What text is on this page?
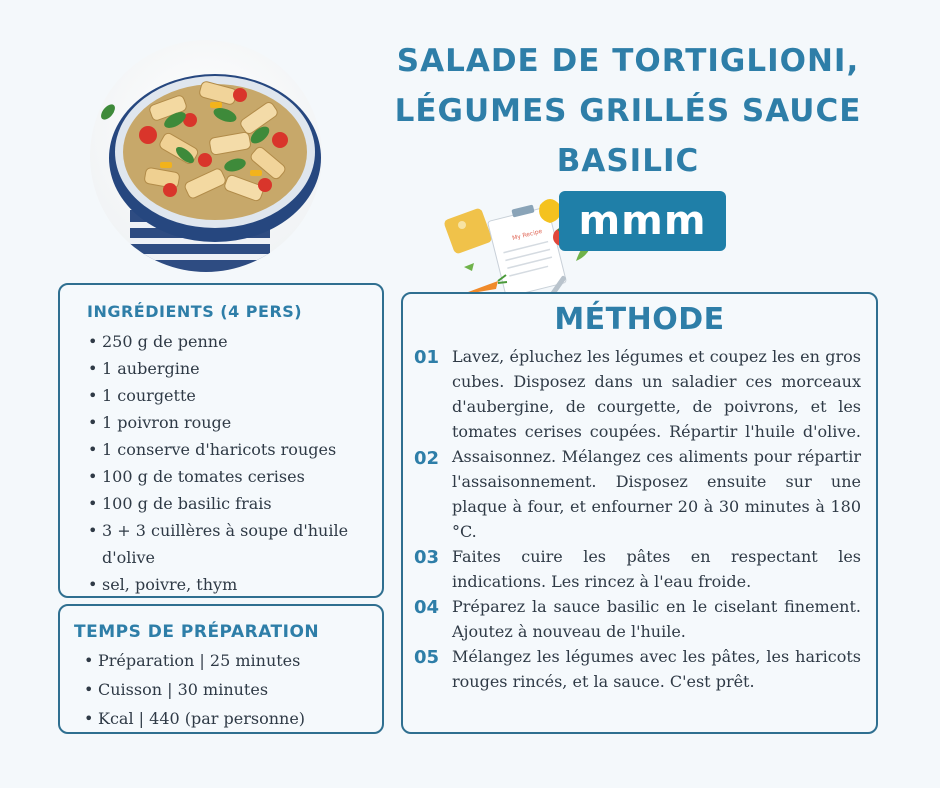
SALADE DE TORTIGLIONI, LÉGUMES GRILLÉS SAUCE BASILIC
My Recipe mmm
INGRÉDIENTS (4 PERS)
• 250 g de penne
• 1 aubergine
• 1 courgette
• 1 poivron rouge
• 1 conserve d'haricots rouges
• 100 g de tomates cerises
• 100 g de basilic frais
• 3 + 3 cuillères à soupe d'huile d'olive
• sel, poivre, thym
TEMPS DE PRÉPARATION
• Préparation | 25 minutes
• Cuisson | 30 minutes
• Kcal | 440 (par personne)
MÉTHODE
01
02
03
04
05

Lavez, épluchez les légumes et coupez les en gros cubes. Disposez dans un saladier ces morceaux d'aubergine, de courgette, de poivrons, et les tomates cerises coupées. Répartir l'huile d'olive. Assaisonnez. Mélangez ces aliments pour répartir l'assaisonnement. Disposez ensuite sur une plaque à four, et enfourner 20 à 30 minutes à 180 °C.

Faites cuire les pâtes en respectant les indications. Les rincez à l'eau froide.

Préparez la sauce basilic en le ciselant finement. Ajoutez à nouveau de l'huile.

Mélangez les légumes avec les pâtes, les haricots rouges rincés, et la sauce. C'est prêt.
